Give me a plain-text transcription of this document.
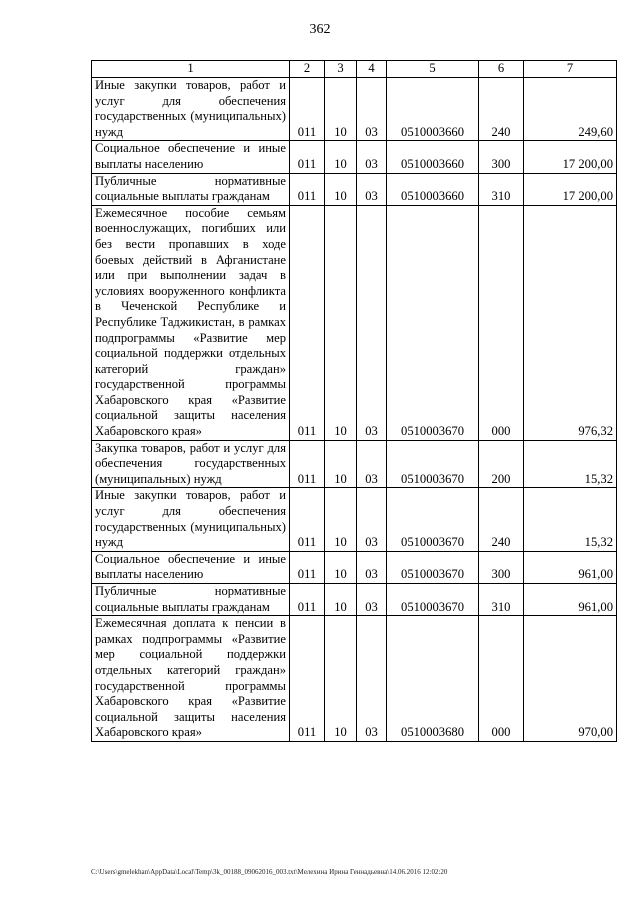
362
1	2	3	4	5	6	7
Иные закупки товаров, работ и услуг для обеспечения государственных (муниципальных) нужд	011	10	03	0510003660	240	249,60
Социальное обеспечение и иные выплаты населению	011	10	03	0510003660	300	17 200,00
Публичные нормативные социальные выплаты гражданам	011	10	03	0510003660	310	17 200,00
Ежемесячное пособие семьям военнослужащих, погибших или без вести пропавших в ходе боевых действий в Афганистане или при выполнении задач в условиях вооруженного конфликта в Чеченской Республике и Республике Таджикистан, в рамках подпрограммы «Развитие мер социальной поддержки отдельных категорий граждан» государственной программы Хабаровского края «Развитие социальной защиты населения Хабаровского края»	011	10	03	0510003670	000	976,32
Закупка товаров, работ и услуг для обеспечения государственных (муниципальных) нужд	011	10	03	0510003670	200	15,32
Иные закупки товаров, работ и услуг для обеспечения государственных (муниципальных) нужд	011	10	03	0510003670	240	15,32
Социальное обеспечение и иные выплаты населению	011	10	03	0510003670	300	961,00
Публичные нормативные социальные выплаты гражданам	011	10	03	0510003670	310	961,00
Ежемесячная доплата к пенсии в рамках подпрограммы «Развитие мер социальной поддержки отдельных категорий граждан» государственной программы Хабаровского края «Развитие социальной защиты населения Хабаровского края»	011	10	03	0510003680	000	970,00
C:\Users\gmelekhan\AppData\Local\Temp\3k_00188_09062016_003.txt\Мелехина Ирина Геннадьевна\14.06.2016 12:02:20
